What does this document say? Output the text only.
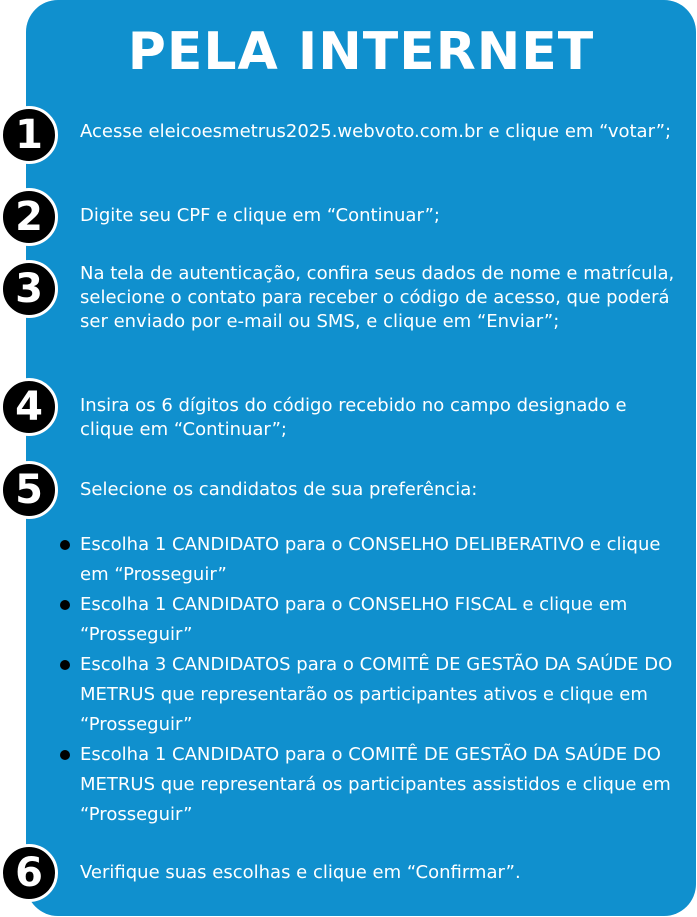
PELA INTERNET
1	Acesse eleicoesmetrus2025.webvoto.com.br e clique em “votar”;
2	Digite seu CPF e clique em “Continuar”;
3	Na tela de autenticação, confira seus dados de nome e matrícula, selecione o contato para receber o código de acesso, que poderá ser enviado por e-mail ou SMS, e clique em “Enviar”;
4	Insira os 6 dígitos do código recebido no campo designado e clique em “Continuar”;
5	Selecione os candidatos de sua preferência:
Escolha 1 CANDIDATO para o CONSELHO DELIBERATIVO e clique em “Prosseguir”
Escolha 1 CANDIDATO para o CONSELHO FISCAL e clique em “Prosseguir”
Escolha 3 CANDIDATOS para o COMITÊ DE GESTÃO DA SAÚDE DO METRUS que representarão os participantes ativos e clique em “Prosseguir”
Escolha 1 CANDIDATO para o COMITÊ DE GESTÃO DA SAÚDE DO METRUS que representará os participantes assistidos e clique em “Prosseguir”
6	Verifique suas escolhas e clique em “Confirmar”.
